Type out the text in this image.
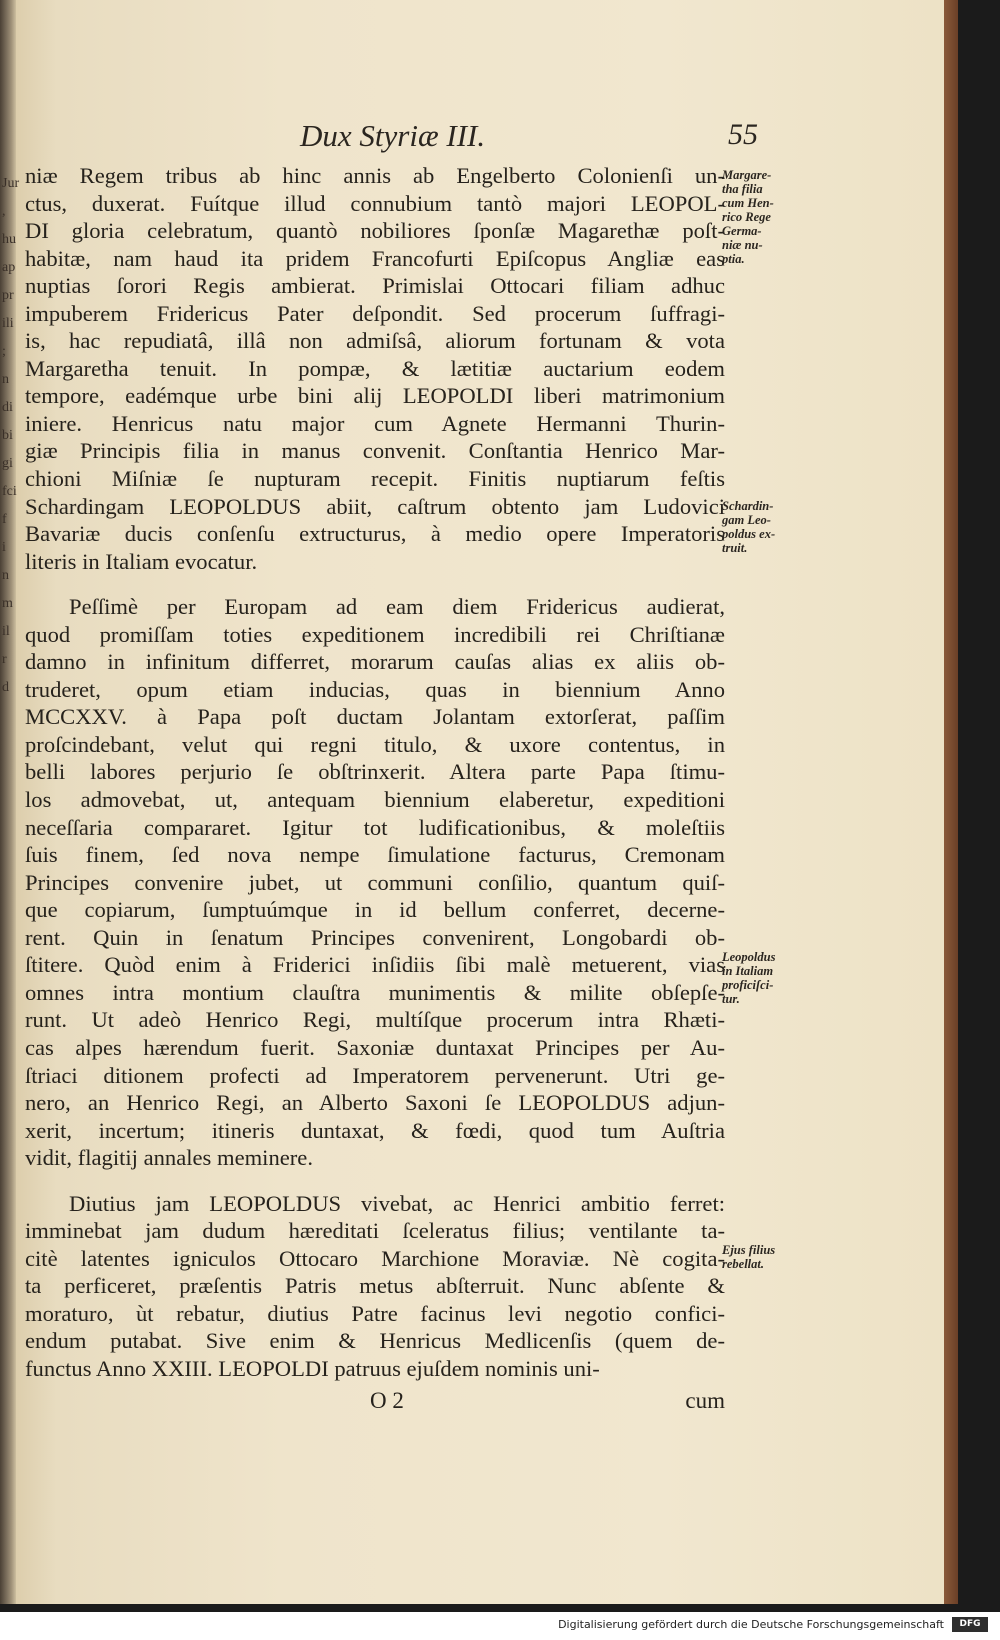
Jur
,
hu
ap
pr
ili
;
n
di
bi
gi
fci
f
i
n
m
il
r
d
Dux Styriæ III.	55
niæ Regem tribus ab hinc annis ab Engelberto Colonienſi un-
ctus, duxerat. Fuítque illud connubium tantò majori LEOPOL-
DI gloria celebratum, quantò nobiliores ſponſæ Magarethæ poſt-
habitæ, nam haud ita pridem Francofurti Epiſcopus Angliæ eas
nuptias ſorori Regis ambierat. Primislai Ottocari filiam adhuc
impuberem Fridericus Pater deſpondit. Sed procerum ſuffragi-
is, hac repudiatâ, illâ non admiſsâ, aliorum fortunam & vota
Margaretha tenuit. In pompæ, & lætitiæ auctarium eodem
tempore, eadémque urbe bini alij LEOPOLDI liberi matrimonium
iniere. Henricus natu major cum Agnete Hermanni Thurin-
giæ Principis filia in manus convenit. Conſtantia Henrico Mar-
chioni Miſniæ ſe nupturam recepit. Finitis nuptiarum feſtis
Schardingam LEOPOLDUS abiit, caſtrum obtento jam Ludovici
Bavariæ ducis conſenſu extructurus, à medio opere Imperatoris
literis in Italiam evocatur.
Peſſimè per Europam ad eam diem Fridericus audierat,
quod promiſſam toties expeditionem incredibili rei Chriſtianæ
damno in infinitum differret, morarum cauſas alias ex aliis ob-
truderet, opum etiam inducias, quas in biennium Anno
MCCXXV. à Papa poſt ductam Jolantam extorſerat, paſſim
proſcindebant, velut qui regni titulo, & uxore contentus, in
belli labores perjurio ſe obſtrinxerit. Altera parte Papa ſtimu-
los admovebat, ut, antequam biennium elaberetur, expeditioni
neceſſaria compararet. Igitur tot ludificationibus, & moleſtiis
ſuis finem, ſed nova nempe ſimulatione facturus, Cremonam
Principes convenire jubet, ut communi conſilio, quantum quiſ-
que copiarum, ſumptuúmque in id bellum conferret, decerne-
rent. Quin in ſenatum Principes convenirent, Longobardi ob-
ſtitere. Quòd enim à Friderici inſidiis ſibi malè metuerent, vias
omnes intra montium clauſtra munimentis & milite obſepſe-
runt. Ut adeò Henrico Regi, multíſque procerum intra Rhæti-
cas alpes hærendum fuerit. Saxoniæ duntaxat Principes per Au-
ſtriaci ditionem profecti ad Imperatorem pervenerunt. Utri ge-
nero, an Henrico Regi, an Alberto Saxoni ſe LEOPOLDUS adjun-
xerit, incertum; itineris duntaxat, & fœdi, quod tum Auſtria
vidit, flagitij annales meminere.
Diutius jam LEOPOLDUS vivebat, ac Henrici ambitio ferret:
imminebat jam dudum hæreditati ſceleratus filius; ventilante ta-
citè latentes igniculos Ottocaro Marchione Moraviæ. Nè cogita-
ta perficeret, præſentis Patris metus abſterruit. Nunc abſente &
moraturo, ùt rebatur, diutius Patre facinus levi negotio confici-
endum putabat. Sive enim & Henricus Medlicenſis (quem de-
functus Anno XXIII. LEOPOLDI patruus ejuſdem nominis uni-
Margare-
tha filia
cum Hen-
rico Rege
Germa-
niæ nu-
ptia.
Schardin-
gam Leo-
poldus ex-
truit.
Leopoldus
in Italiam
proficiſci-
tur.
Ejus filius
rebellat.
O 2	cum
Digitalisierung gefördert durch die Deutsche Forschungsgemeinschaft	DFG
